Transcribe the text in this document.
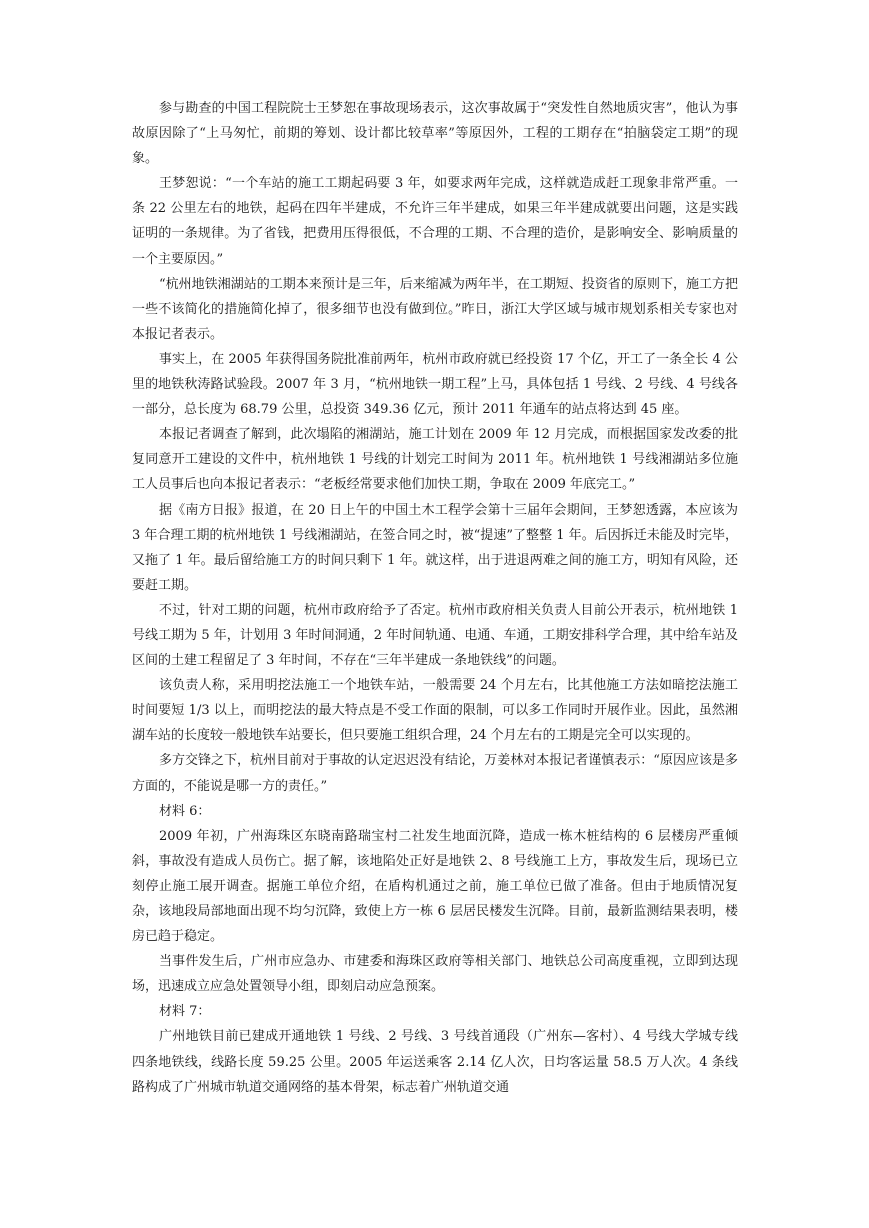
参与勘查的中国工程院院士王梦恕在事故现场表示，这次事故属于“突发性自然地质灾害”，他认为事故原因除了“上马匆忙，前期的筹划、设计都比较草率”等原因外，工程的工期存在“拍脑袋定工期”的现象。

王梦恕说：“一个车站的施工工期起码要 3 年，如要求两年完成，这样就造成赶工现象非常严重。一条 22 公里左右的地铁，起码在四年半建成，不允许三年半建成，如果三年半建成就要出问题，这是实践证明的一条规律。为了省钱，把费用压得很低，不合理的工期、不合理的造价，是影响安全、影响质量的一个主要原因。”

“杭州地铁湘湖站的工期本来预计是三年，后来缩减为两年半，在工期短、投资省的原则下，施工方把一些不该简化的措施简化掉了，很多细节也没有做到位。”昨日，浙江大学区域与城市规划系相关专家也对本报记者表示。

事实上，在 2005 年获得国务院批准前两年，杭州市政府就已经投资 17 个亿，开工了一条全长 4 公里的地铁秋涛路试验段。2007 年 3 月，“杭州地铁一期工程”上马，具体包括 1 号线、2 号线、4 号线各一部分，总长度为 68.79 公里，总投资 349.36 亿元，预计 2011 年通车的站点将达到 45 座。

本报记者调查了解到，此次塌陷的湘湖站，施工计划在 2009 年 12 月完成，而根据国家发改委的批复同意开工建设的文件中，杭州地铁 1 号线的计划完工时间为 2011 年。杭州地铁 1 号线湘湖站多位施工人员事后也向本报记者表示：“老板经常要求他们加快工期，争取在 2009 年底完工。”

据《南方日报》报道，在 20 日上午的中国土木工程学会第十三届年会期间，王梦恕透露，本应该为 3 年合理工期的杭州地铁 1 号线湘湖站，在签合同之时，被“提速”了整整 1 年。后因拆迁未能及时完毕，又拖了 1 年。最后留给施工方的时间只剩下 1 年。就这样，出于进退两难之间的施工方，明知有风险，还要赶工期。

不过，针对工期的问题，杭州市政府给予了否定。杭州市政府相关负责人目前公开表示，杭州地铁 1 号线工期为 5 年，计划用 3 年时间洞通，2 年时间轨通、电通、车通，工期安排科学合理，其中给车站及区间的土建工程留足了 3 年时间，不存在“三年半建成一条地铁线”的问题。

该负责人称，采用明挖法施工一个地铁车站，一般需要 24 个月左右，比其他施工方法如暗挖法施工时间要短 1/3 以上，而明挖法的最大特点是不受工作面的限制，可以多工作同时开展作业。因此，虽然湘湖车站的长度较一般地铁车站要长，但只要施工组织合理，24 个月左右的工期是完全可以实现的。

多方交锋之下，杭州目前对于事故的认定迟迟没有结论，万姜林对本报记者谨慎表示：“原因应该是多方面的，不能说是哪一方的责任。”

材料 6：

2009 年初，广州海珠区东晓南路瑞宝村二社发生地面沉降，造成一栋木桩结构的 6 层楼房严重倾斜，事故没有造成人员伤亡。据了解，该地陷处正好是地铁 2、8 号线施工上方，事故发生后，现场已立刻停止施工展开调查。据施工单位介绍，在盾构机通过之前，施工单位已做了准备。但由于地质情况复杂，该地段局部地面出现不均匀沉降，致使上方一栋 6 层居民楼发生沉降。目前，最新监测结果表明，楼房已趋于稳定。

当事件发生后，广州市应急办、市建委和海珠区政府等相关部门、地铁总公司高度重视，立即到达现场，迅速成立应急处置领导小组，即刻启动应急预案。

材料 7：

广州地铁目前已建成开通地铁 1 号线、2 号线、3 号线首通段（广州东—客村）、4 号线大学城专线四条地铁线，线路长度 59.25 公里。2005 年运送乘客 2.14 亿人次，日均客运量 58.5 万人次。4 条线路构成了广州城市轨道交通网络的基本骨架，标志着广州轨道交通
